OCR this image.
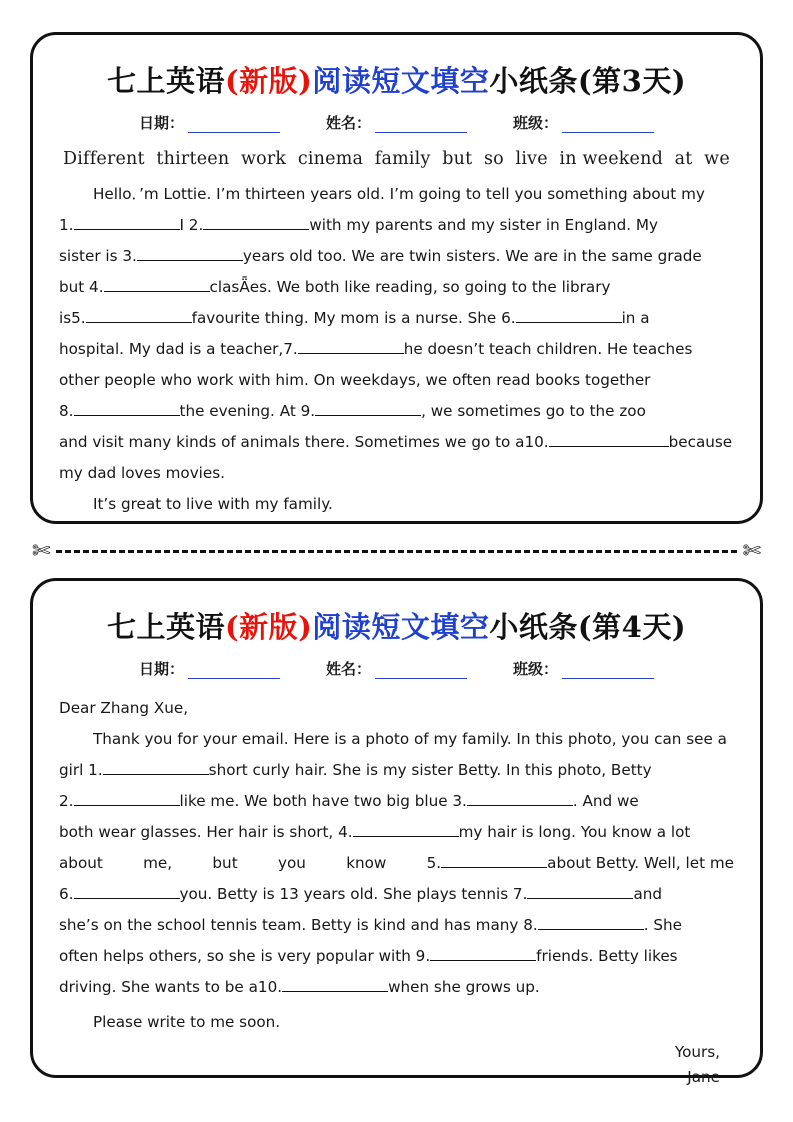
七上英语(新版)阅读短文填空小纸条(第3天)
日期：	姓名：	班级：
Different thirteen work cinema family but so live in weekend at we
Hello．’m Lottie. I’m thirteen years old. I’m going to tell you something about my
1.	I 2.	with my parents and my sister in England. My
sister is 3.	years old too. We are twin sisters. We are in the same grade
but 4.	clasǞes. We both like reading, so going to the library
is5.	favourite thing. My mom is a nurse. She 6.	in a
hospital. My dad is a teacher,7.	he doesn’t teach children. He teaches
other people who work with him. On weekdays, we often read books together
8.	the evening. At 9.	, we sometimes go to the zoo
and visit many kinds of animals there. Sometimes we go to a10.	because
my dad loves movies.
It’s great to live with my family.
✄	✄
七上英语(新版)阅读短文填空小纸条(第4天)
日期：	姓名：	班级：
Dear Zhang Xue,
Thank you for your email. Here is a photo of my family. In this photo, you can see a
girl 1.	short curly hair. She is my sister Betty. In this photo, Betty
2.	like me. We both have two big blue 3.	. And we
both wear glasses. Her hair is short, 4.	my hair is long. You know a lot
about	me,	but	you	know	5.	about Betty. Well, let me
6.	you. Betty is 13 years old. She plays tennis 7.	and
she’s on the school tennis team. Betty is kind and has many 8.	. She
often helps others, so she is very popular with 9.	friends. Betty likes
driving. She wants to be a10.	when she grows up.
Please write to me soon.
Yours,
Jane
